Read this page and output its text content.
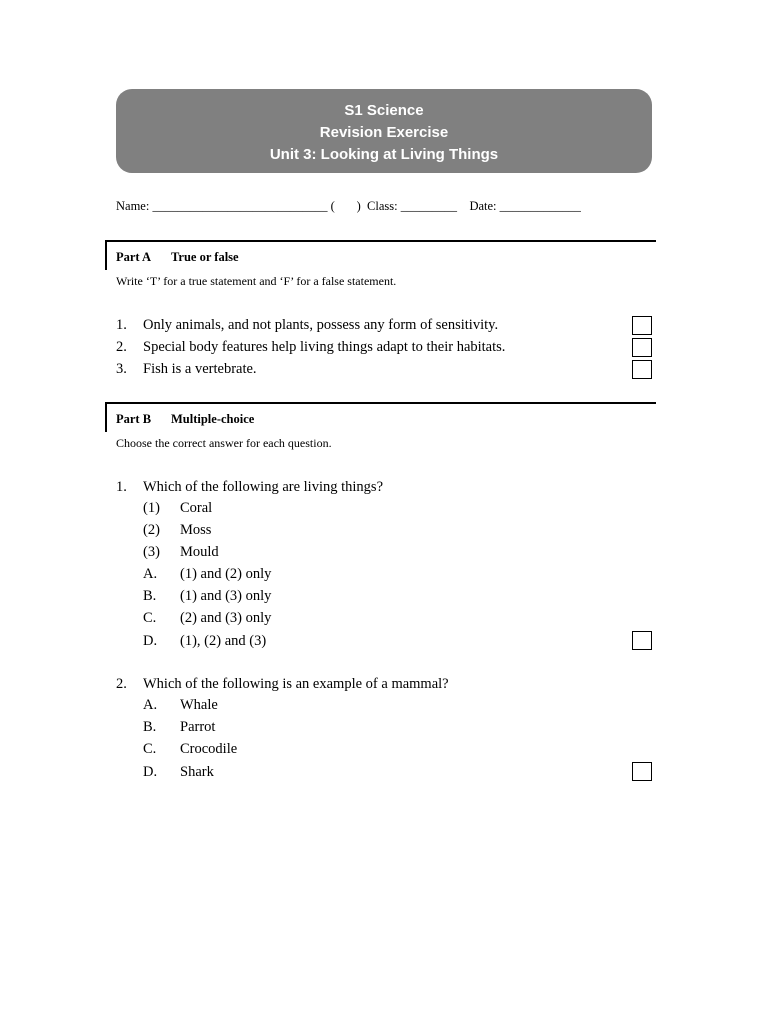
S1 Science
Revision Exercise
Unit 3: Looking at Living Things
Name: ____________________________ (       )  Class: _________    Date: _____________
Part A True or false
Write ‘T’ for a true statement and ‘F’ for a false statement.
1. Only animals, and not plants, possess any form of sensitivity.
2. Special body features help living things adapt to their habitats.
3. Fish is a vertebrate.
Part B Multiple-choice
Choose the correct answer for each question.
1. Which of the following are living things?
(1) Coral
(2) Moss
(3) Mould
A. (1) and (2) only
B. (1) and (3) only
C. (2) and (3) only
D. (1), (2) and (3)
2. Which of the following is an example of a mammal?
A. Whale
B. Parrot
C. Crocodile
D. Shark
